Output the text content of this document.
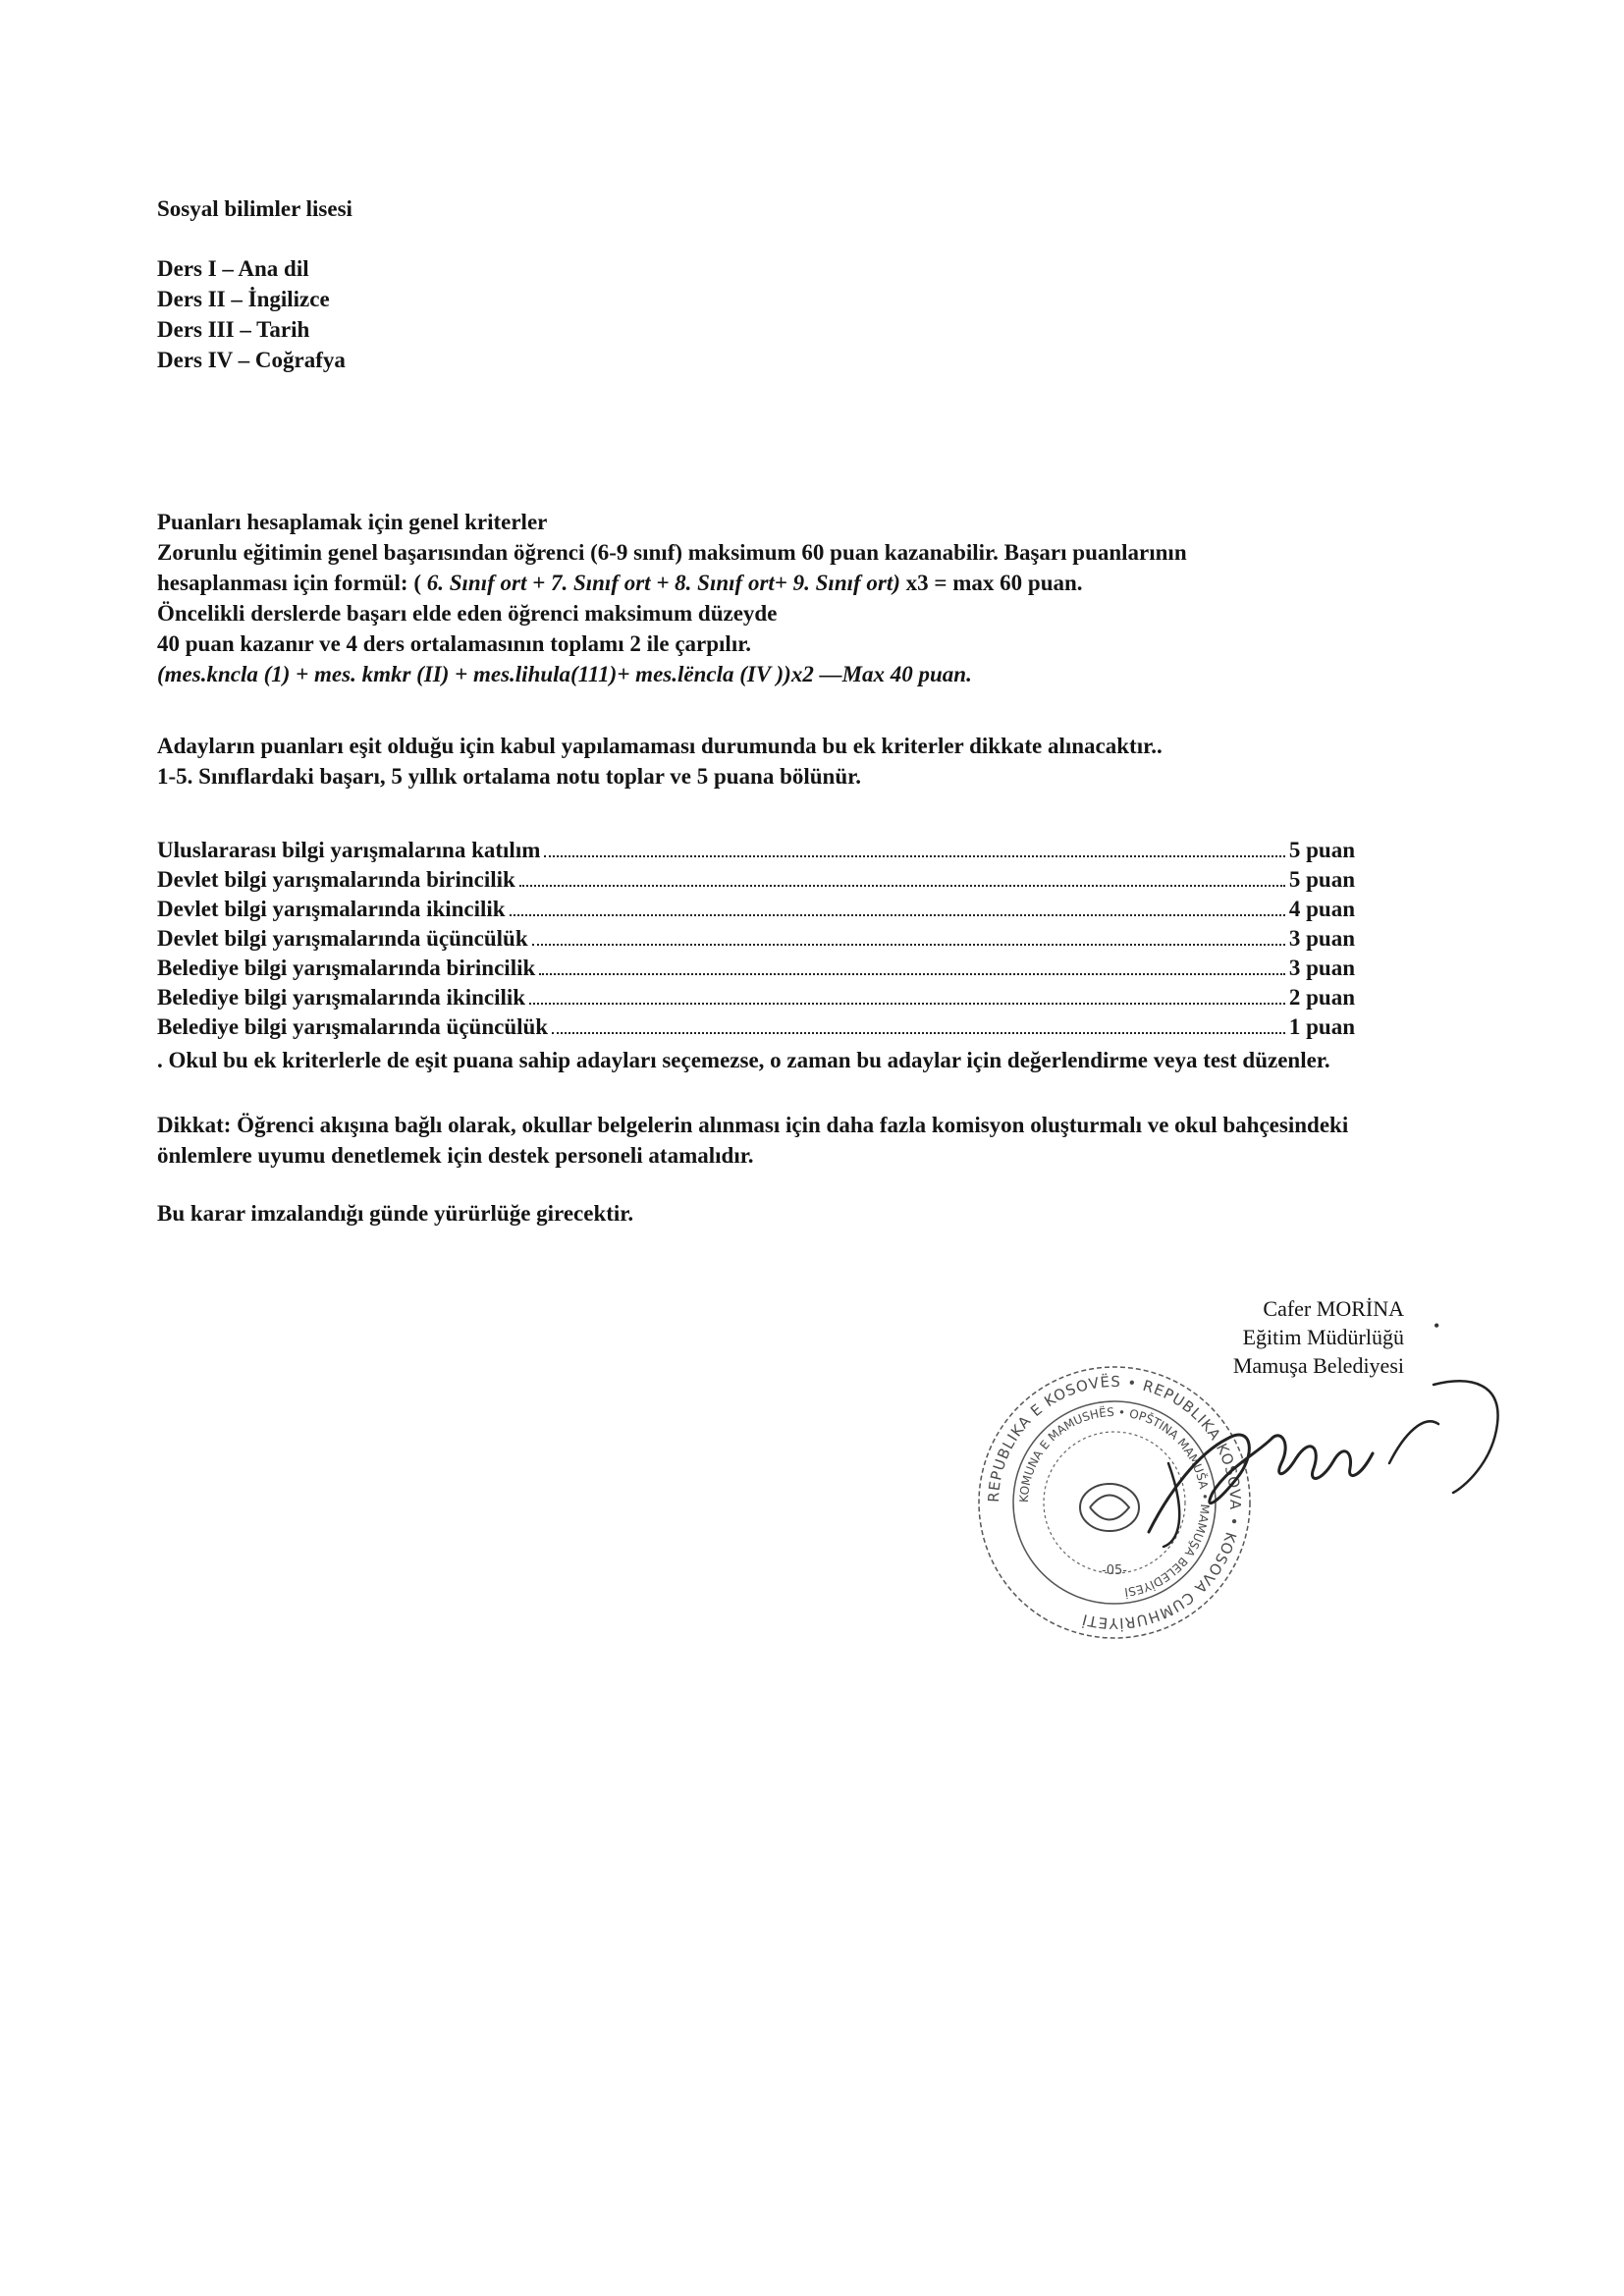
Sosyal bilimler lisesi
Ders I – Ana dil
Ders II – İngilizce
Ders III – Tarih
Ders IV – Coğrafya
Puanları hesaplamak için genel kriterler
Zorunlu eğitimin genel başarısından öğrenci (6-9 sınıf) maksimum 60 puan kazanabilir. Başarı puanlarının
hesaplanması için formül: ( 6. Sınıf ort + 7. Sınıf ort + 8. Sınıf ort+ 9. Sınıf ort) x3 = max 60 puan.
Öncelikli derslerde başarı elde eden öğrenci maksimum düzeyde
40 puan kazanır ve 4 ders ortalamasının toplamı 2 ile çarpılır.
(mes.kncla (1) + mes. kmkr (II) + mes.lihula(111)+ mes.lëncla (IV ))x2 —Max 40 puan.
Adayların puanları eşit olduğu için kabul yapılamaması durumunda bu ek kriterler dikkate alınacaktır..
1-5. Sınıflardaki başarı, 5 yıllık ortalama notu toplar ve 5 puana bölünür.
Uluslararası bilgi yarışmalarına katılım	5 puan
Devlet bilgi yarışmalarında birincilik	5 puan
Devlet bilgi yarışmalarında ikincilik	4 puan
Devlet bilgi yarışmalarında üçüncülük	3 puan
Belediye bilgi yarışmalarında birincilik	3 puan
Belediye bilgi yarışmalarında ikincilik	2 puan
Belediye bilgi yarışmalarında üçüncülük	1 puan
. Okul bu ek kriterlerle de eşit puana sahip adayları seçemezse, o zaman bu adaylar için değerlendirme veya test düzenler.
Dikkat: Öğrenci akışına bağlı olarak, okullar belgelerin alınması için daha fazla komisyon oluşturmalı ve okul bahçesindeki
önlemlere uyumu denetlemek için destek personeli atamalıdır.
Bu karar imzalandığı günde yürürlüğe girecektir.
Cafer MORİNA
Eğitim Müdürlüğü
Mamuşa Belediyesi
REPUBLIKA E KOSOVËS • REPUBLIKA KOSOVA • KOSOVA CUMHURİYETİ
KOMUNA E MAMUSHËS • OPŠTINA MAMUŠA • MAMUŞA BELEDİYESİ
-05-
•
